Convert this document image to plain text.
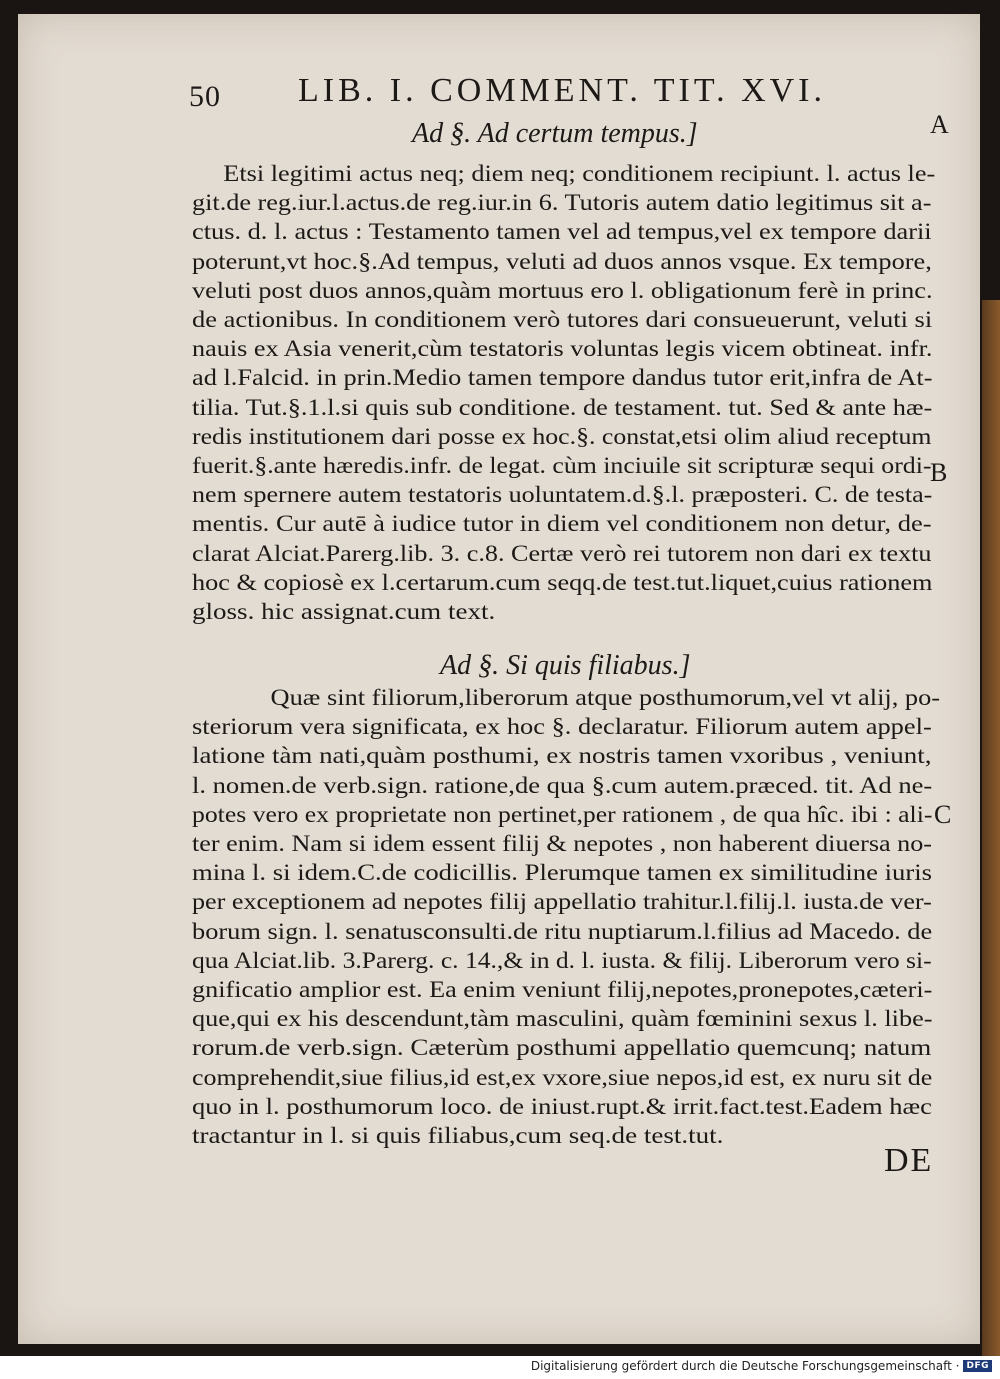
50 LIB. I. COMMENT. TIT. XVI.
A
B
C
Ad §. Ad certum tempus.]
Etsi legitimi actus neq; diem neq; conditionem recipiunt. l. actus le-
git.de reg.iur.l.actus.de reg.iur.in 6. Tutoris autem datio legitimus sit a-
ctus. d. l. actus : Testamento tamen vel ad tempus,vel ex tempore darii
poterunt,vt hoc.§.Ad tempus, veluti ad duos annos vsque. Ex tempore,
veluti post duos annos,quàm mortuus ero l. obligationum ferè in princ.
de actionibus. In conditionem verò tutores dari consueuerunt, veluti si
nauis ex Asia venerit,cùm testatoris voluntas legis vicem obtineat. infr.
ad l.Falcid. in prin.Medio tamen tempore dandus tutor erit,infra de At-
tilia. Tut.§.1.l.si quis sub conditione. de testament. tut. Sed & ante hæ-
redis institutionem dari posse ex hoc.§. constat,etsi olim aliud receptum
fuerit.§.ante hæredis.infr. de legat. cùm inciuile sit scripturæ sequi ordi-
nem spernere autem testatoris uoluntatem.d.§.l. præposteri. C. de testa-
mentis. Cur autē à iudice tutor in diem vel conditionem non detur, de-
clarat Alciat.Parerg.lib. 3. c.8. Certæ verò rei tutorem non dari ex textu
hoc & copiosè ex l.certarum.cum seqq.de test.tut.liquet,cuius rationem
gloss. hic assignat.cum text.
Ad §. Si quis filiabus.]
Quæ sint filiorum,liberorum atque posthumorum,vel vt alij, po-
steriorum vera significata, ex hoc §. declaratur. Filiorum autem appel-
latione tàm nati,quàm posthumi, ex nostris tamen vxoribus , veniunt,
l. nomen.de verb.sign. ratione,de qua §.cum autem.præced. tit. Ad ne-
potes vero ex proprietate non pertinet,per rationem , de qua hîc. ibi : ali-
ter enim. Nam si idem essent filij & nepotes , non haberent diuersa no-
mina l. si idem.C.de codicillis. Plerumque tamen ex similitudine iuris
per exceptionem ad nepotes filij appellatio trahitur.l.filij.l. iusta.de ver-
borum sign. l. senatusconsulti.de ritu nuptiarum.l.filius ad Macedo. de
qua Alciat.lib. 3.Parerg. c. 14.,& in d. l. iusta. & filij. Liberorum vero si-
gnificatio amplior est. Ea enim veniunt filij,nepotes,pronepotes,cæteri-
que,qui ex his descendunt,tàm masculini, quàm fœminini sexus l. libe-
rorum.de verb.sign. Cæterùm posthumi appellatio quemcunq; natum
comprehendit,siue filius,id est,ex vxore,siue nepos,id est, ex nuru sit de
quo in l. posthumorum loco. de iniust.rupt.& irrit.fact.test.Eadem hæc
tractantur in l. si quis filiabus,cum seq.de test.tut.
DE
Digitalisierung gefördert durch die Deutsche Forschungsgemeinschaft · DFG
